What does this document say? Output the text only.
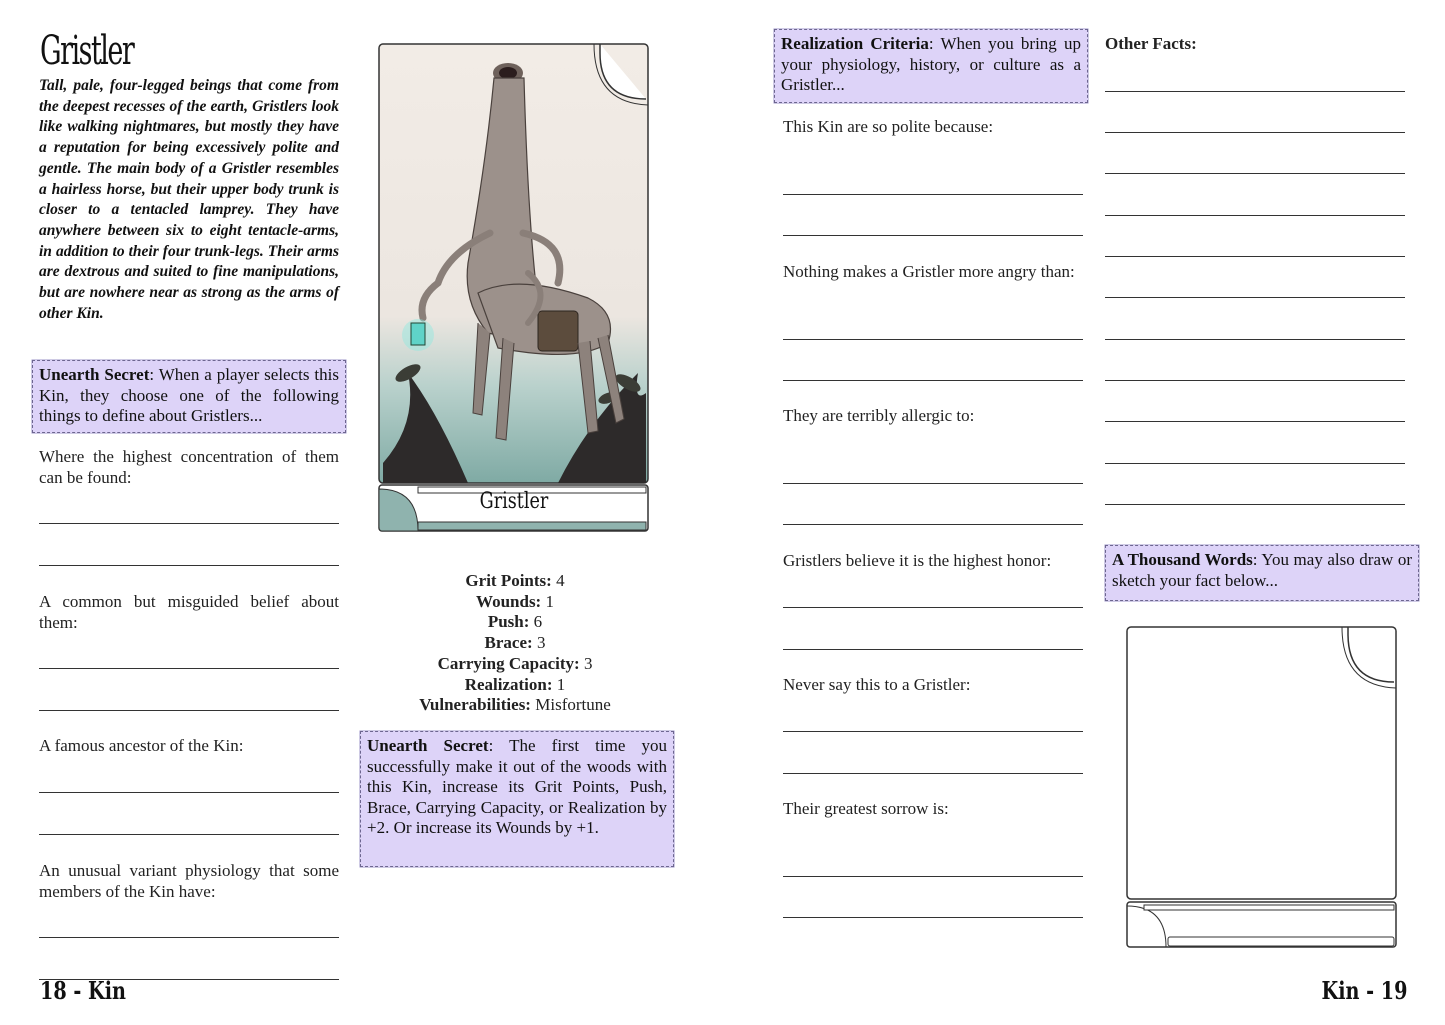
Gristler
Tall, pale, four-legged beings that come from the deepest recesses of the earth, Gristlers look like walking nightmares, but mostly they have a reputation for being excessively polite and gentle. The main body of a Gristler resembles a hairless horse, but their upper body trunk is closer to a tentacled lamprey. They have anywhere between six to eight tentacle-arms, in addition to their four trunk-legs. Their arms are dextrous and suited to fine manipulations, but are nowhere near as strong as the arms of other Kin.
Unearth Secret: When a player selects this Kin, they choose one of the following things to define about Gristlers...
Where the highest concentration of them can be found:
A common but misguided belief about them:
A famous ancestor of the Kin:
An unusual variant physiology that some members of the Kin have:
18 - Kin
Gristler
Grit Points: 4
Wounds: 1
Push: 6
Brace: 3
Carrying Capacity: 3
Realization: 1
Vulnerabilities: Misfortune
Unearth Secret: The first time you successfully make it out of the woods with this Kin, increase its Grit Points, Push, Brace, Carrying Capacity, or Realization by +2. Or increase its Wounds by +1.
Realization Criteria: When you bring up your physiology, history, or culture as a Gristler...
This Kin are so polite because:
Nothing makes a Gristler more angry than:
They are terribly allergic to:
Gristlers believe it is the highest honor:
Never say this to a Gristler:
Their greatest sorrow is:
Other Facts:
A Thousand Words: You may also draw or sketch your fact below...
Kin - 19
